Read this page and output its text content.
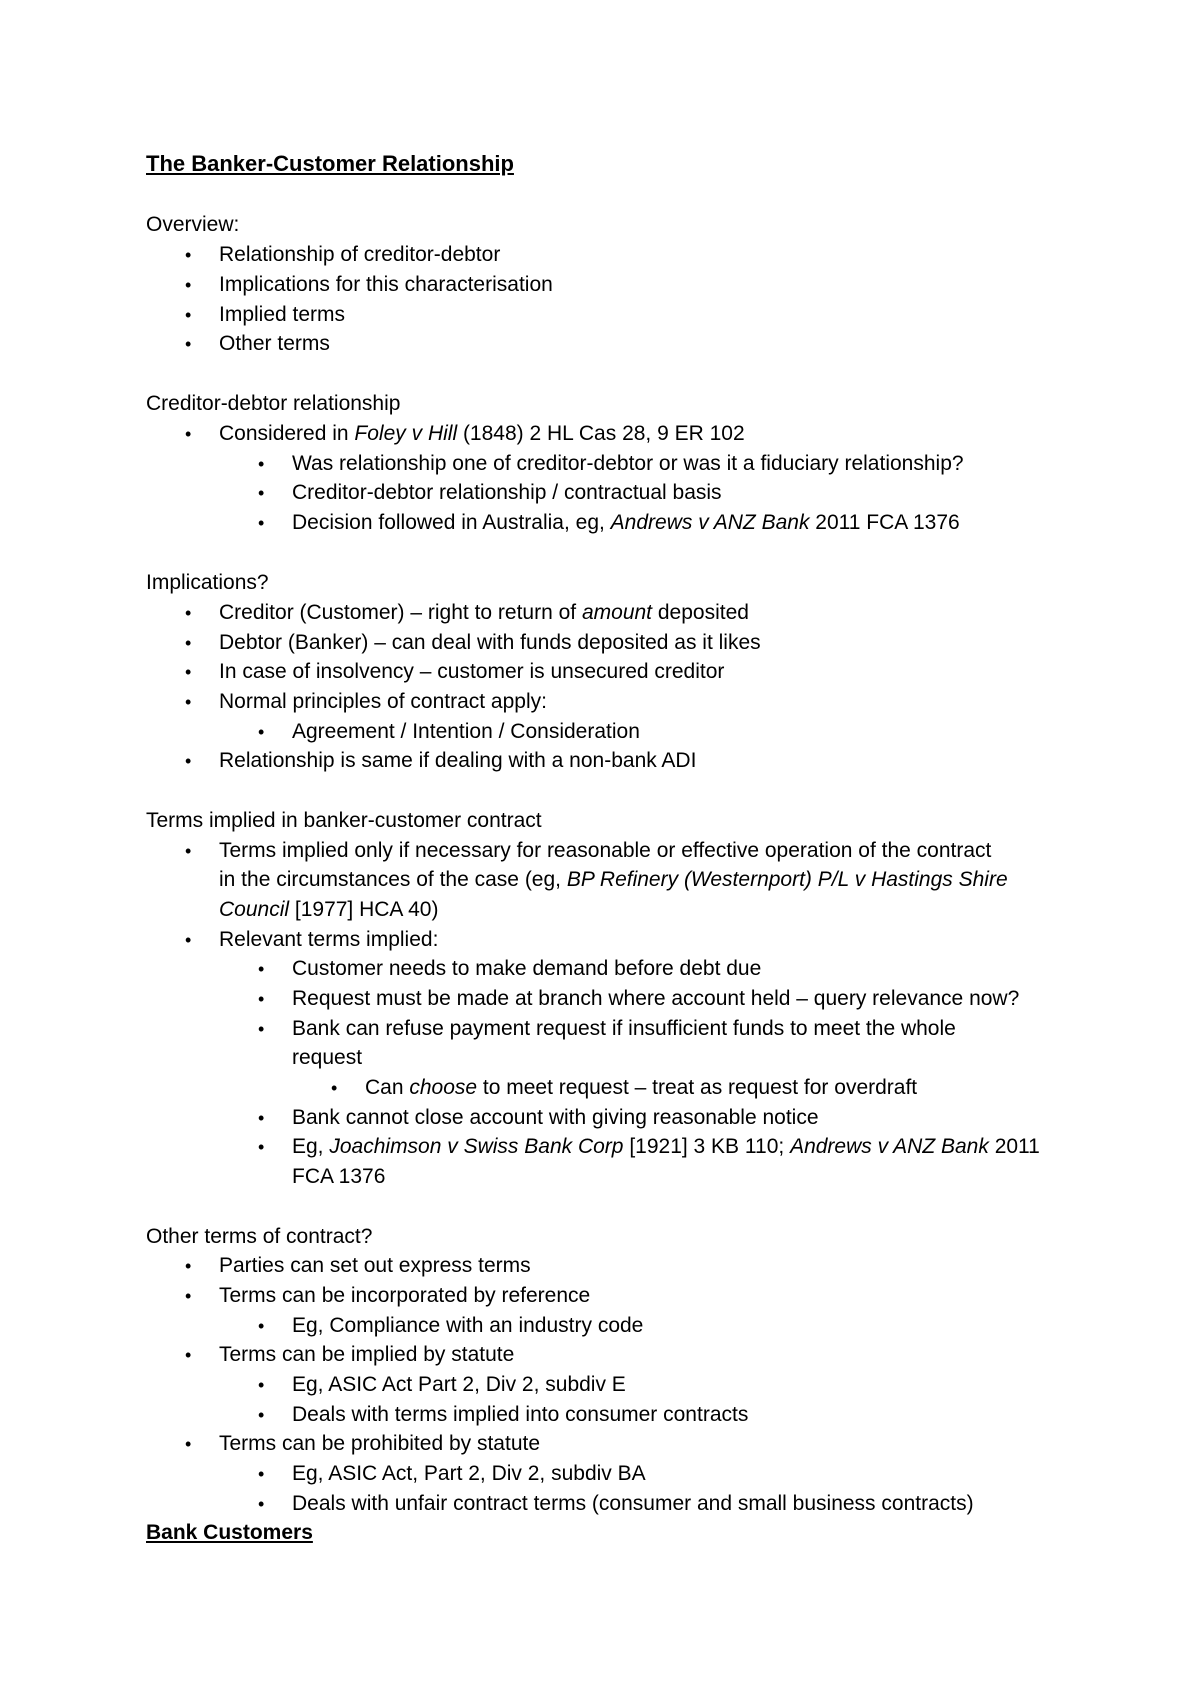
The Banker-Customer Relationship
Overview:
• Relationship of creditor-debtor
• Implications for this characterisation
• Implied terms
• Other terms
Creditor-debtor relationship
• Considered in Foley v Hill (1848) 2 HL Cas 28, 9 ER 102
• Was relationship one of creditor-debtor or was it a fiduciary relationship?
• Creditor-debtor relationship / contractual basis
• Decision followed in Australia, eg, Andrews v ANZ Bank 2011 FCA 1376
Implications?
• Creditor (Customer) – right to return of amount deposited
• Debtor (Banker) – can deal with funds deposited as it likes
• In case of insolvency – customer is unsecured creditor
• Normal principles of contract apply:
• Agreement / Intention / Consideration
• Relationship is same if dealing with a non-bank ADI
Terms implied in banker-customer contract
• Terms implied only if necessary for reasonable or effective operation of the contract
in the circumstances of the case (eg, BP Refinery (Westernport) P/L v Hastings Shire
Council [1977] HCA 40)
• Relevant terms implied:
• Customer needs to make demand before debt due
• Request must be made at branch where account held – query relevance now?
• Bank can refuse payment request if insufficient funds to meet the whole
request
• Can choose to meet request – treat as request for overdraft
• Bank cannot close account with giving reasonable notice
• Eg, Joachimson v Swiss Bank Corp [1921] 3 KB 110; Andrews v ANZ Bank 2011
FCA 1376
Other terms of contract?
• Parties can set out express terms
• Terms can be incorporated by reference
• Eg, Compliance with an industry code
• Terms can be implied by statute
• Eg, ASIC Act Part 2, Div 2, subdiv E
• Deals with terms implied into consumer contracts
• Terms can be prohibited by statute
• Eg, ASIC Act, Part 2, Div 2, subdiv BA
• Deals with unfair contract terms (consumer and small business contracts)
Bank Customers
